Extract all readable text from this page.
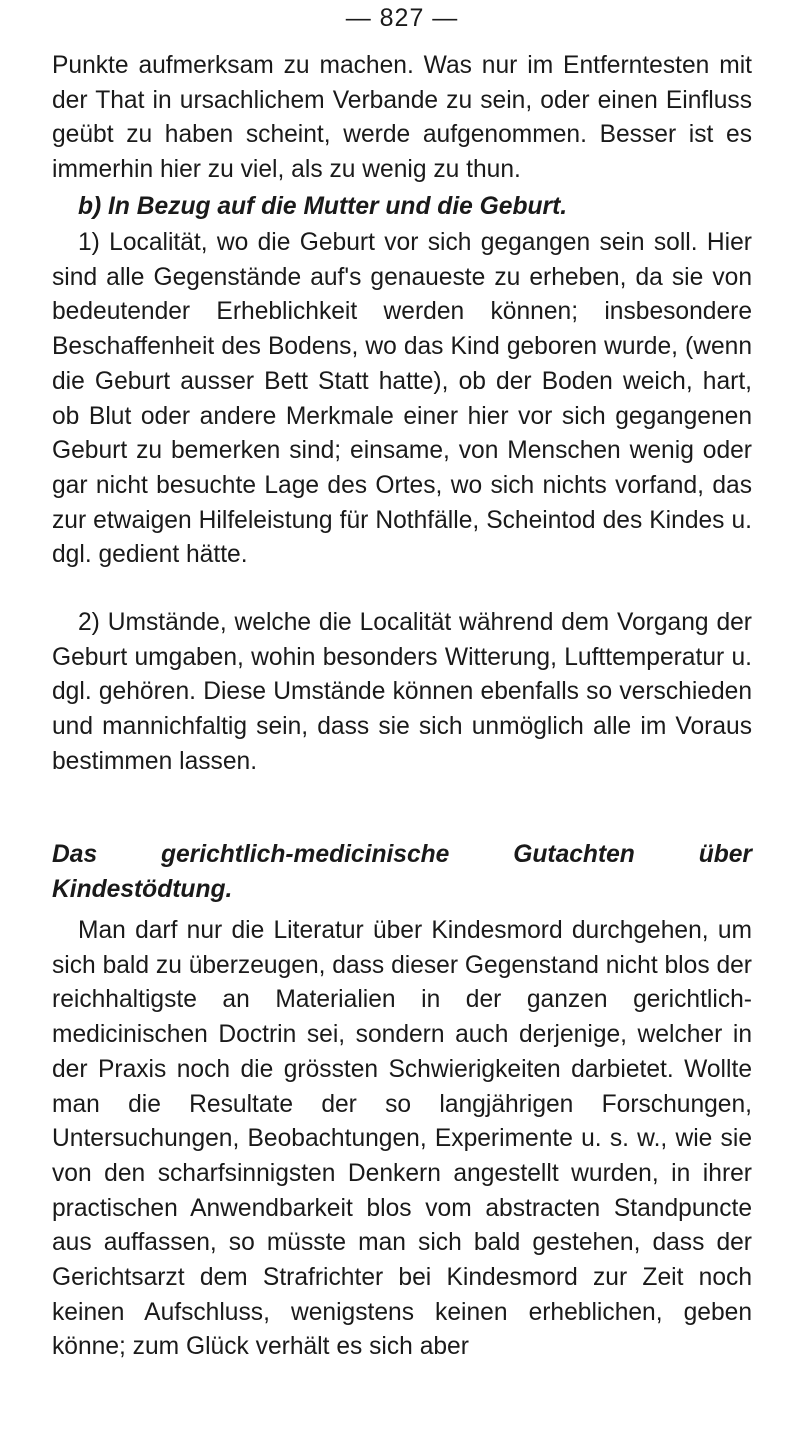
— 827 —

Punkte aufmerksam zu machen. Was nur im Entferntesten mit der That in ursachlichem Verbande zu sein, oder einen Einfluss geübt zu haben scheint, werde aufgenommen. Besser ist es immerhin hier zu viel, als zu wenig zu thun.

b) In Bezug auf die Mutter und die Geburt.

1) Localität, wo die Geburt vor sich gegangen sein soll. Hier sind alle Gegenstände auf's genaueste zu erheben, da sie von bedeutender Erheblichkeit werden können; insbesondere Beschaffenheit des Bodens, wo das Kind geboren wurde, (wenn die Geburt ausser Bett Statt hatte), ob der Boden weich, hart, ob Blut oder andere Merkmale einer hier vor sich gegangenen Geburt zu bemerken sind; einsame, von Menschen wenig oder gar nicht besuchte Lage des Ortes, wo sich nichts vorfand, das zur etwaigen Hilfeleistung für Nothfälle, Scheintod des Kindes u. dgl. gedient hätte.

2) Umstände, welche die Localität während dem Vorgang der Geburt umgaben, wohin besonders Witterung, Lufttemperatur u. dgl. gehören. Diese Umstände können ebenfalls so verschieden und mannichfaltig sein, dass sie sich unmöglich alle im Voraus bestimmen lassen.

Das gerichtlich-medicinische Gutachten über Kindestödtung.

Man darf nur die Literatur über Kindesmord durchgehen, um sich bald zu überzeugen, dass dieser Gegenstand nicht blos der reichhaltigste an Materialien in der ganzen gerichtlich-medicinischen Doctrin sei, sondern auch derjenige, welcher in der Praxis noch die grössten Schwierigkeiten darbietet. Wollte man die Resultate der so langjährigen Forschungen, Untersuchungen, Beobachtungen, Experimente u. s. w., wie sie von den scharfsinnigsten Denkern angestellt wurden, in ihrer practischen Anwendbarkeit blos vom abstracten Standpuncte aus auffassen, so müsste man sich bald gestehen, dass der Gerichtsarzt dem Strafrichter bei Kindesmord zur Zeit noch keinen Aufschluss, wenigstens keinen erheblichen, geben könne; zum Glück verhält es sich aber
